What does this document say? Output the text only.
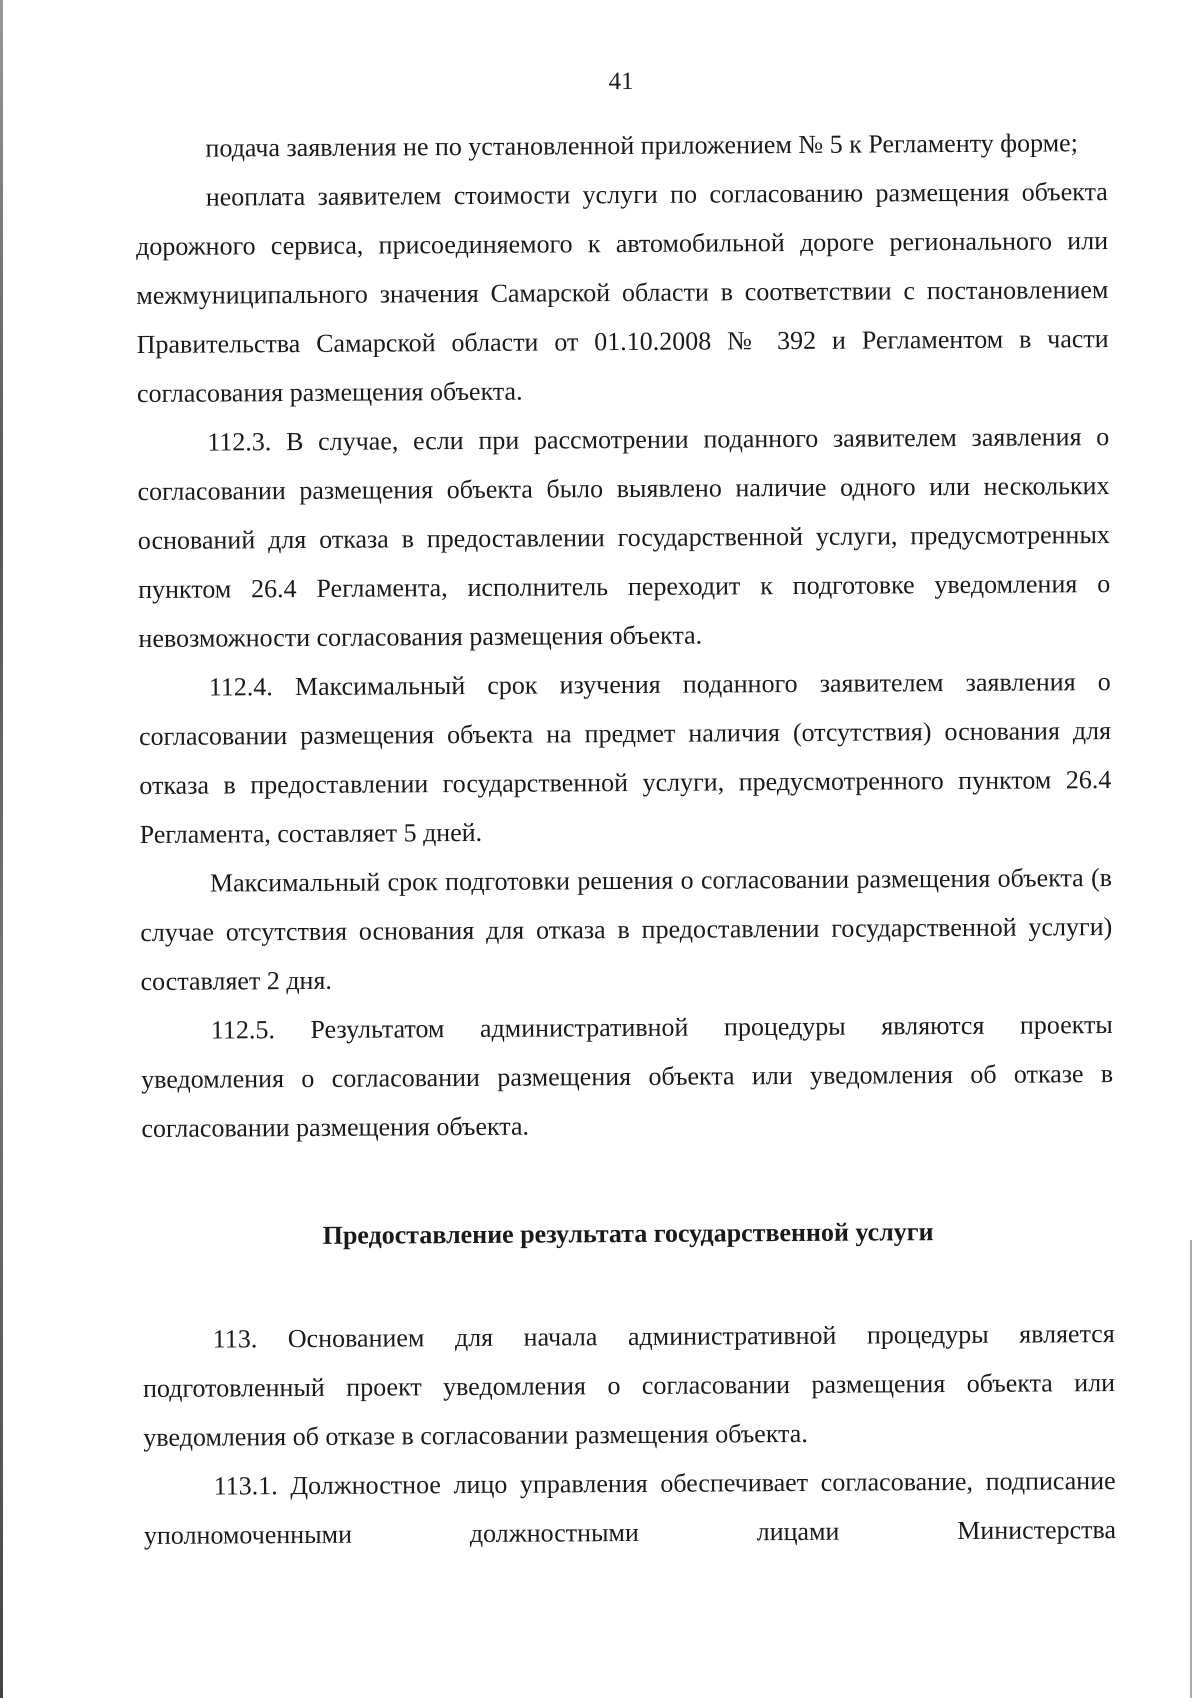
41

подача заявления не по установленной приложением № 5 к Регламенту форме;

неоплата заявителем стоимости услуги по согласованию размещения объекта дорожного сервиса, присоединяемого к автомобильной дороге регионального или межмуниципального значения Самарской области в соответствии с постановлением Правительства Самарской области от 01.10.2008 № 392 и Регламентом в части согласования размещения объекта.

112.3. В случае, если при рассмотрении поданного заявителем заявления о согласовании размещения объекта было выявлено наличие одного или нескольких оснований для отказа в предоставлении государственной услуги, предусмотренных пунктом 26.4 Регламента, исполнитель переходит к подготовке уведомления о невозможности согласования размещения объекта.

112.4. Максимальный срок изучения поданного заявителем заявления о согласовании размещения объекта на предмет наличия (отсутствия) основания для отказа в предоставлении государственной услуги, предусмотренного пунктом 26.4 Регламента, составляет 5 дней.

Максимальный срок подготовки решения о согласовании размещения объекта (в случае отсутствия основания для отказа в предоставлении государственной услуги) составляет 2 дня.

112.5. Результатом административной процедуры являются проекты уведомления о согласовании размещения объекта или уведомления об отказе в согласовании размещения объекта.

Предоставление результата государственной услуги

113. Основанием для начала административной процедуры является подготовленный проект уведомления о согласовании размещения объекта или уведомления об отказе в согласовании размещения объекта.

113.1. Должностное лицо управления обеспечивает согласование, подписание уполномоченными должностными лицами Министерства
